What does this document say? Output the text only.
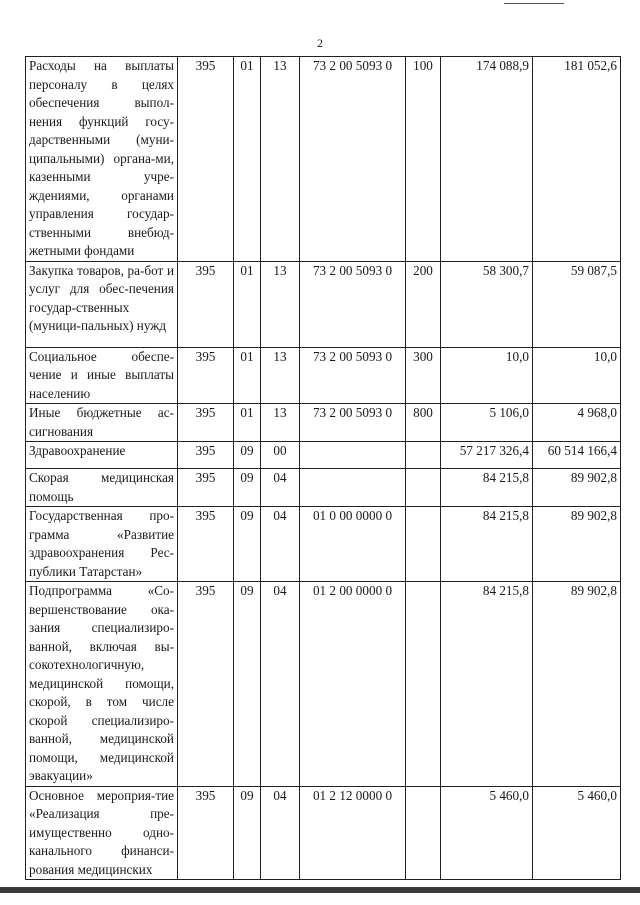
2
Расходы на выплаты персоналу в целях обеспечения выпол-нения функций госу-дарственными (муни-ципальными) органа-ми, казенными учре-ждениями, органами управления государ-ственными внебюд-жетными фондами	395	01	13	73 2 00 5093 0	100	174 088,9	181 052,6
Закупка товаров, ра-бот и услуг для обес-печения государ-ственных (муници-пальных) нужд	395	01	13	73 2 00 5093 0	200	58 300,7	59 087,5
Социальное обеспе-чение и иные выплаты населению	395	01	13	73 2 00 5093 0	300	10,0	10,0
Иные бюджетные ас-сигнования	395	01	13	73 2 00 5093 0	800	5 106,0	4 968,0
Здравоохранение	395	09	00			57 217 326,4	60 514 166,4
Скорая медицинская помощь	395	09	04			84 215,8	89 902,8
Государственная про-грамма «Развитие здравоохранения Рес-публики Татарстан»	395	09	04	01 0 00 0000 0		84 215,8	89 902,8
Подпрограмма «Со-вершенствование ока-зания специализиро-ванной, включая вы-сокотехнологичную, медицинской помощи, скорой, в том числе скорой специализиро-ванной, медицинской помощи, медицинской эвакуации»	395	09	04	01 2 00 0000 0		84 215,8	89 902,8
Основное мероприя-тие «Реализация пре-имущественно одно-канального финанси-рования медицинских	395	09	04	01 2 12 0000 0		5 460,0	5 460,0
